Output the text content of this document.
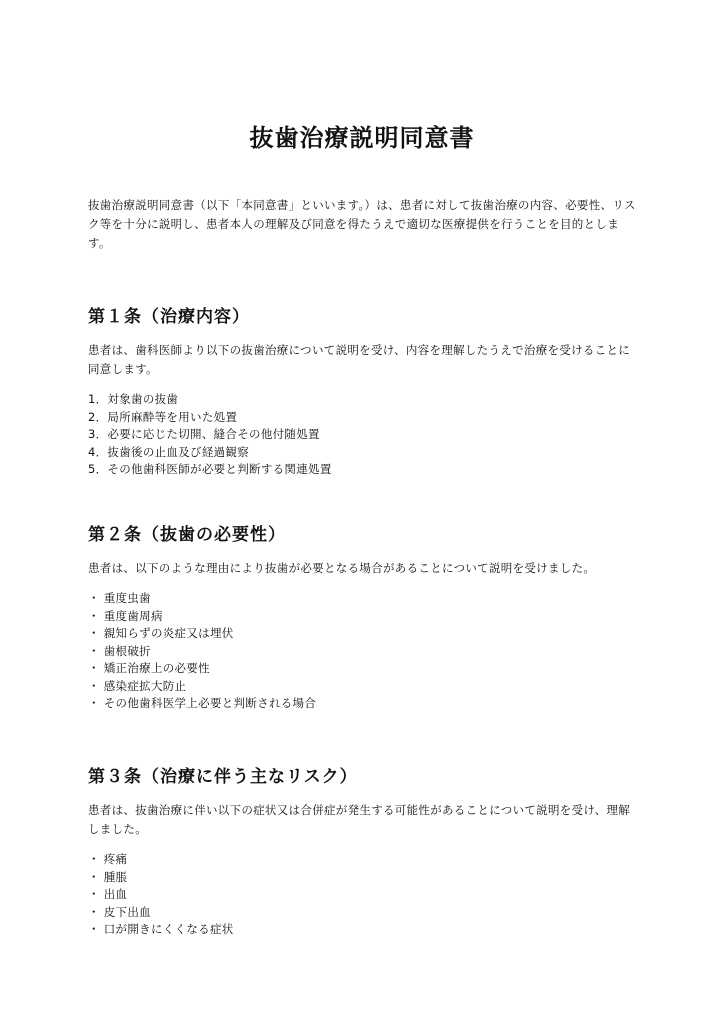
抜歯治療説明同意書

抜歯治療説明同意書（以下「本同意書」といいます。）は、患者に対して抜歯治療の内容、必要性、リスク等を十分に説明し、患者本人の理解及び同意を得たうえで適切な医療提供を行うことを目的とします。

第１条（治療内容）

患者は、歯科医師より以下の抜歯治療について説明を受け、内容を理解したうえで治療を受けることに同意します。

1．対象歯の抜歯
2．局所麻酔等を用いた処置
3．必要に応じた切開、縫合その他付随処置
4．抜歯後の止血及び経過観察
5．その他歯科医師が必要と判断する関連処置
第２条（抜歯の必要性）

患者は、以下のような理由により抜歯が必要となる場合があることについて説明を受けました。

・ 重度虫歯
・ 重度歯周病
・ 親知らずの炎症又は埋伏
・ 歯根破折
・ 矯正治療上の必要性
・ 感染症拡大防止
・ その他歯科医学上必要と判断される場合
第３条（治療に伴う主なリスク）

患者は、抜歯治療に伴い以下の症状又は合併症が発生する可能性があることについて説明を受け、理解しました。

・ 疼痛
・ 腫脹
・ 出血
・ 皮下出血
・ 口が開きにくくなる症状
